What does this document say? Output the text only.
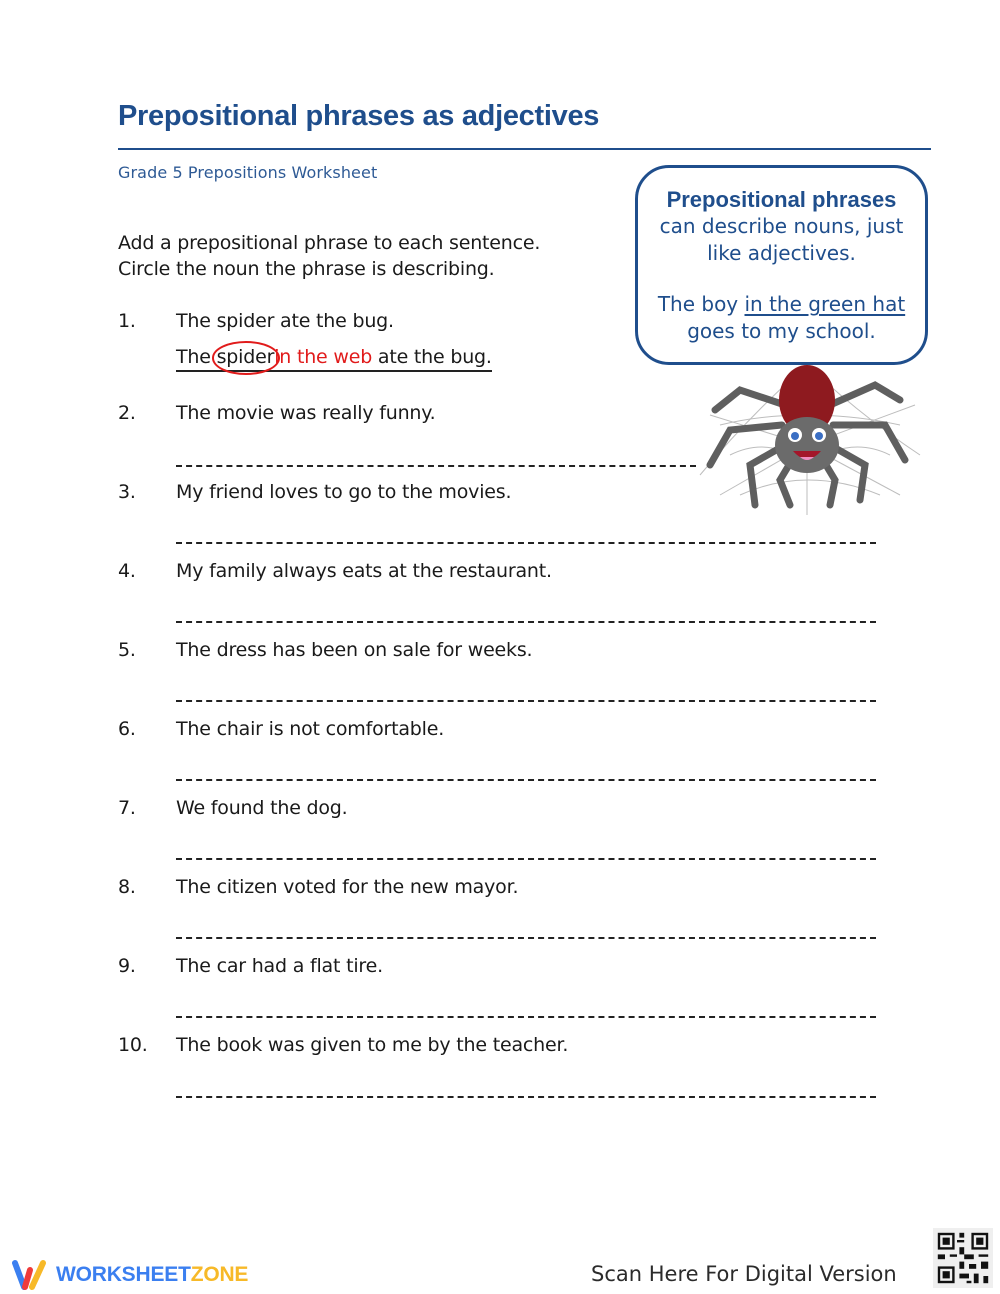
Prepositional phrases as adjectives
Grade 5 Prepositions Worksheet
Add a prepositional phrase to each sentence.
Circle the noun the phrase is describing.
Prepositional phrases
can describe nouns, just
like adjectives.
The boy in the green hat
goes to my school.
1.	The spider ate the bug.
The spiderin the web ate the bug.
2.	The movie was really funny.
3.	My friend loves to go to the movies.
4.	My family always eats at the restaurant.
5.	The dress has been on sale for weeks.
6.	The chair is not comfortable.
7.	We found the dog.
8.	The citizen voted for the new mayor.
9.	The car had a flat tire.
10.	The book was given to me by the teacher.
WORKSHEETZONE	Scan Here For Digital Version
